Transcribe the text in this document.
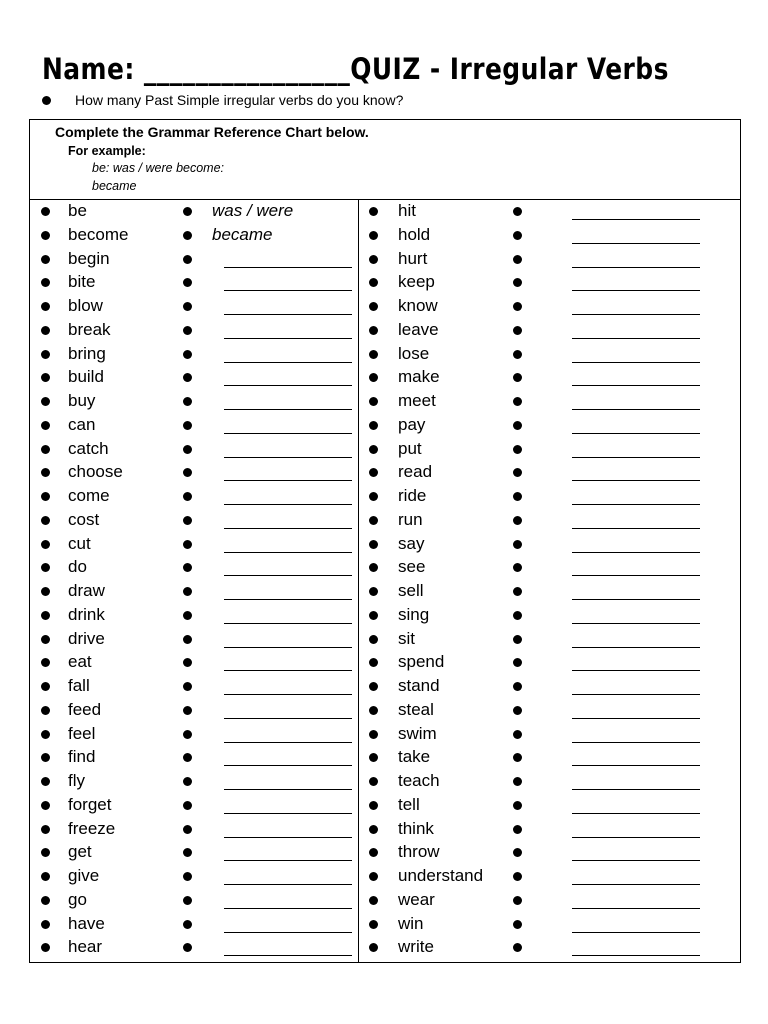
Name: ________________QUIZ - Irregular Verbs
How many Past Simple irregular verbs do you know?
Complete the Grammar Reference Chart below.
For example:
be: was / were become:
became
be	was / were
become	became
begin
bite
blow
break
bring
build
buy
can
catch
choose
come
cost
cut
do
draw
drink
drive
eat
fall
feed
feel
find
fly
forget
freeze
get
give
go
have
hear
hit
hold
hurt
keep
know
leave
lose
make
meet
pay
put
read
ride
run
say
see
sell
sing
sit
spend
stand
steal
swim
take
teach
tell
think
throw
understand
wear
win
write
